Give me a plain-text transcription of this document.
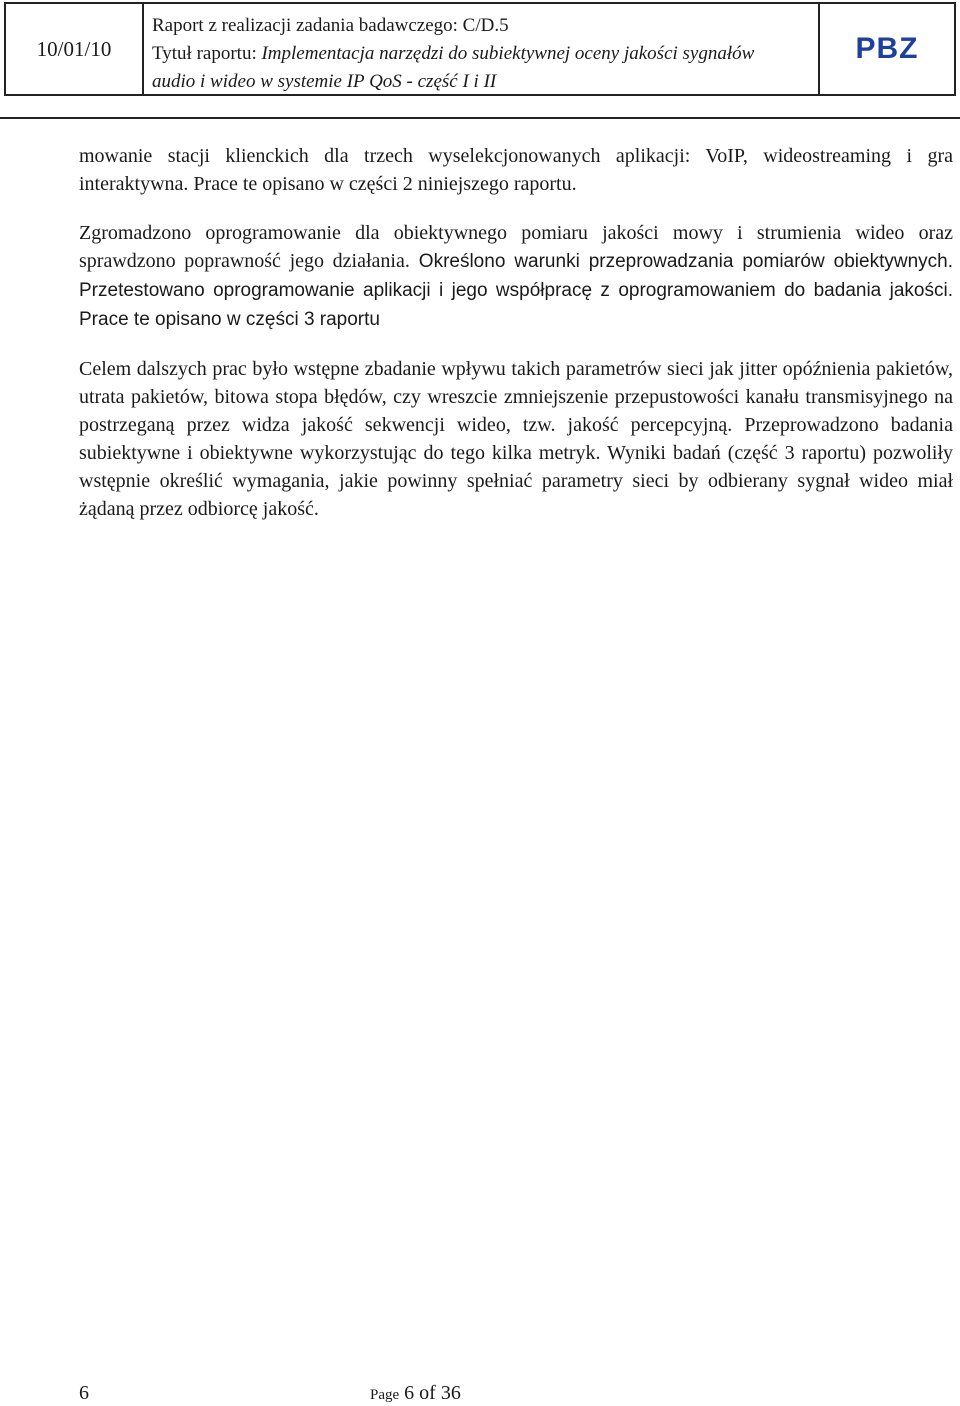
10/01/10
Raport z realizacji zadania badawczego: C/D.5
Tytuł raportu: Implementacja narzędzi do subiektywnej oceny jakości sygnałów
audio i wideo w systemie IP QoS - część I i II
PBZ

mowanie stacji klienckich dla trzech wyselekcjonowanych aplikacji: VoIP, wideostreaming i gra interaktywna. Prace te opisano w części 2 niniejszego raportu.

Zgromadzono oprogramowanie dla obiektywnego pomiaru jakości mowy i strumienia wideo oraz sprawdzono poprawność jego działania. Określono warunki przeprowadzania pomiarów obiektywnych. Przetestowano oprogramowanie aplikacji i jego współpracę z oprogramowaniem do badania jakości. Prace te opisano w części 3 raportu

Celem dalszych prac było wstępne zbadanie wpływu takich parametrów sieci jak jitter opóźnienia pakietów, utrata pakietów, bitowa stopa błędów, czy wreszcie zmniejszenie przepustowości kanału transmisyjnego na postrzeganą przez widza jakość sekwencji wideo, tzw. jakość percepcyjną. Przeprowadzono badania subiektywne i obiektywne wykorzystując do tego kilka metryk. Wyniki badań (część 3 raportu) pozwoliły wstępnie określić wymagania, jakie powinny spełniać parametry sieci by odbierany sygnał wideo miał żądaną przez odbiorcę jakość.

6	Page 6 of 36
